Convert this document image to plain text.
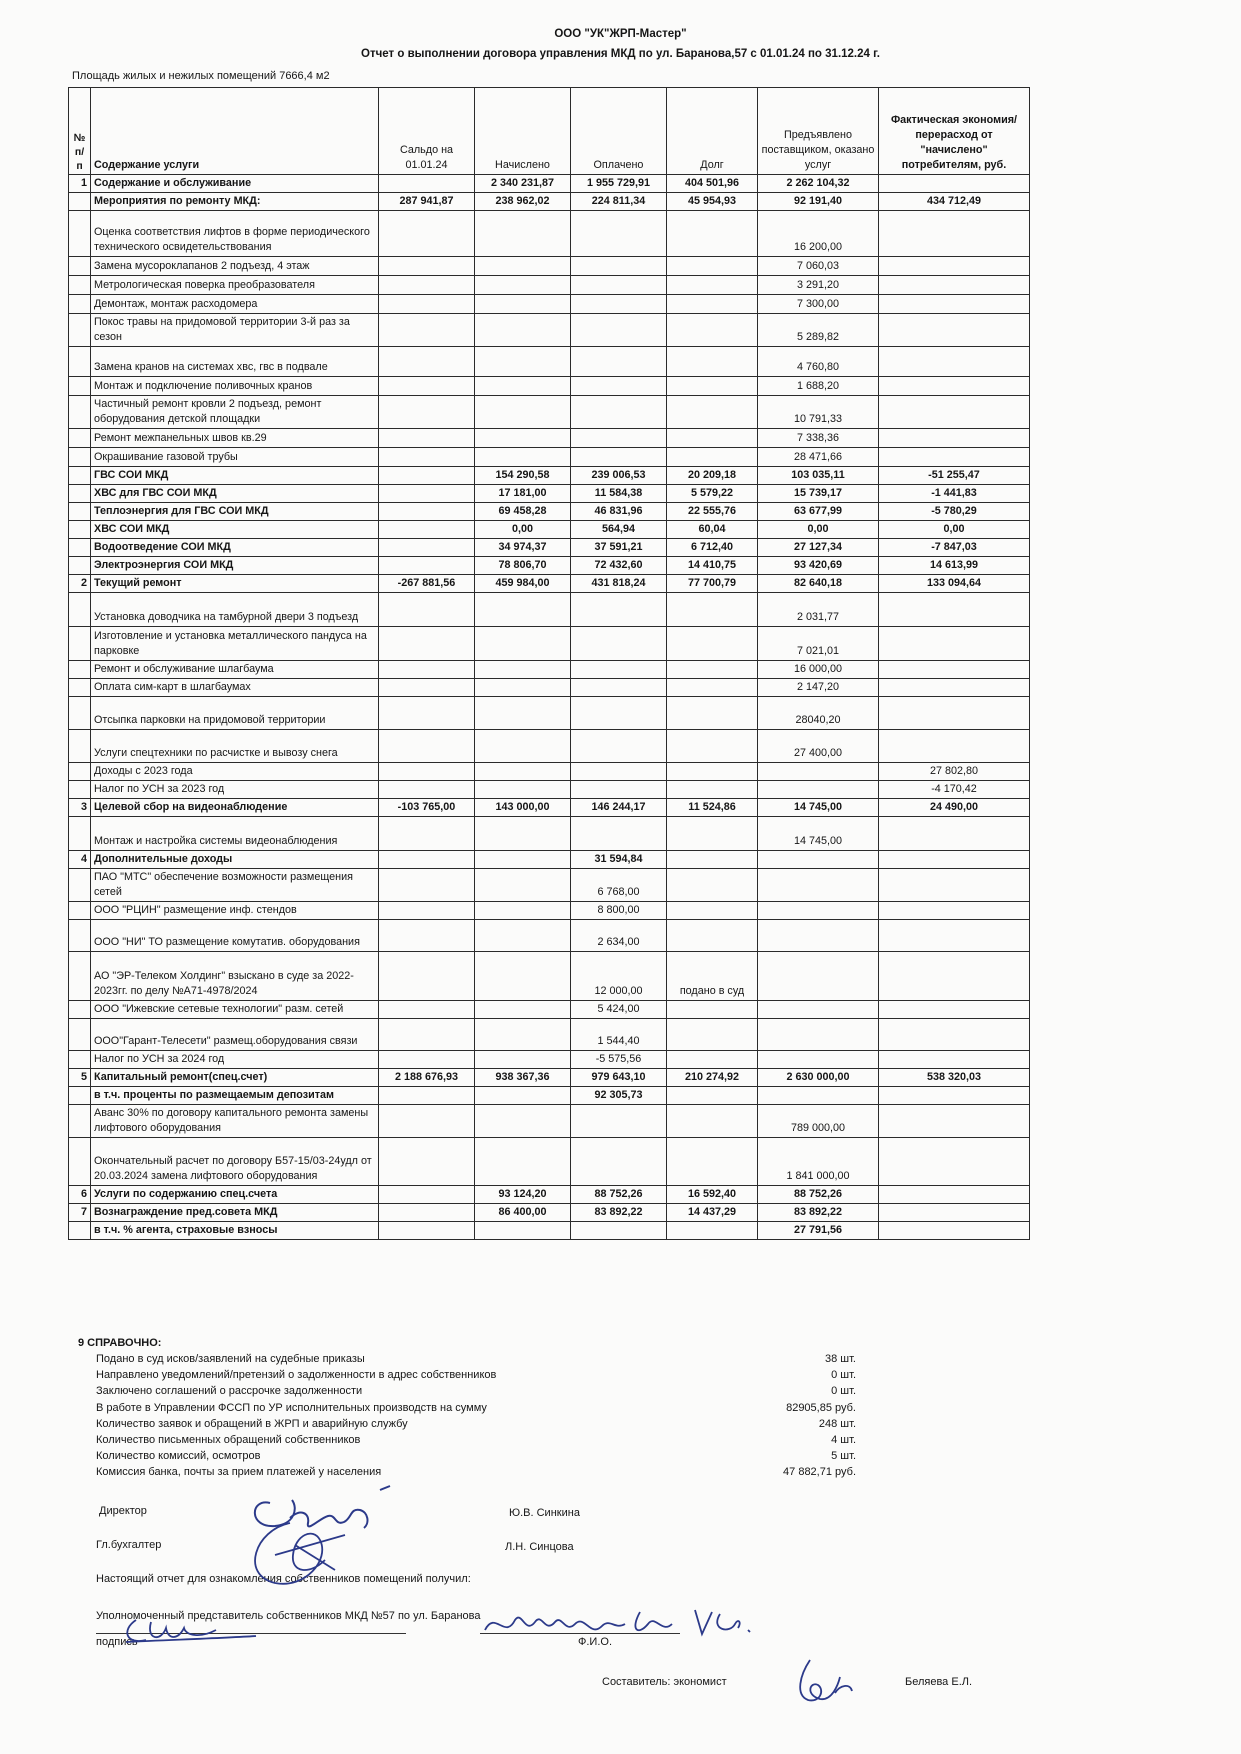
ООО "УК"ЖРП-Мастер"
Отчет о выполнении договора управления МКД по ул. Баранова,57 с 01.01.24 по 31.12.24 г.
Площадь жилых и нежилых помещений 7666,4 м2
№ п/п	Содержание услуги	Сальдо на 01.01.24	Начислено	Оплачено	Долг	Предъявлено поставщиком, оказано услуг	Фактическая экономия/перерасход от "начислено" потребителям, руб.
1	Содержание и обслуживание		2 340 231,87	1 955 729,91	404 501,96	2 262 104,32	
	Мероприятия по ремонту МКД:	287 941,87	238 962,02	224 811,34	45 954,93	92 191,40	434 712,49
	Оценка соответствия лифтов в форме периодического технического освидетельствования					16 200,00	
	Замена мусороклапанов 2 подъезд, 4 этаж					7 060,03	
	Метрологическая поверка преобразователя					3 291,20	
	Демонтаж, монтаж расходомера					7 300,00	
	Покос травы на придомовой территории 3-й раз за сезон					5 289,82	
	Замена кранов на системах хвс, гвс в подвале					4 760,80	
	Монтаж и подключение поливочных кранов					1 688,20	
	Частичный ремонт кровли 2 подъезд, ремонт оборудования детской площадки					10 791,33	
	Ремонт межпанельных швов кв.29					7 338,36	
	Окрашивание газовой трубы					28 471,66	
	ГВС СОИ МКД		154 290,58	239 006,53	20 209,18	103 035,11	-51 255,47
	ХВС для ГВС СОИ МКД		17 181,00	11 584,38	5 579,22	15 739,17	-1 441,83
	Теплоэнергия для ГВС СОИ МКД		69 458,28	46 831,96	22 555,76	63 677,99	-5 780,29
	ХВС СОИ МКД		0,00	564,94	60,04	0,00	0,00
	Водоотведение СОИ МКД		34 974,37	37 591,21	6 712,40	27 127,34	-7 847,03
	Электроэнергия СОИ МКД		78 806,70	72 432,60	14 410,75	93 420,69	14 613,99
2	Текущий ремонт	-267 881,56	459 984,00	431 818,24	77 700,79	82 640,18	133 094,64
	Установка доводчика на тамбурной двери 3 подъезд					2 031,77	
	Изготовление и установка металлического пандуса на парковке					7 021,01	
	Ремонт и обслуживание шлагбаума					16 000,00	
	Оплата сим-карт в шлагбаумах					2 147,20	
	Отсыпка парковки на придомовой территории					28040,20	
	Услуги спецтехники по расчистке и вывозу снега					27 400,00	
	Доходы с 2023 года						27 802,80
	Налог по УСН за 2023 год						-4 170,42
3	Целевой сбор на видеонаблюдение	-103 765,00	143 000,00	146 244,17	11 524,86	14 745,00	24 490,00
	Монтаж и настройка системы видеонаблюдения					14 745,00	
4	Дополнительные доходы			31 594,84			
	ПАО "МТС" обеспечение возможности размещения сетей			6 768,00			
	ООО "РЦИН" размещение инф. стендов			8 800,00			
	ООО "НИ" ТО размещение комутатив. оборудования			2 634,00			
	АО "ЭР-Телеком Холдинг" взыскано в суде за 2022-2023гг. по делу №А71-4978/2024			12 000,00	подано в суд		
	ООО "Ижевские сетевые технологии" разм. сетей			5 424,00			
	ООО"Гарант-Телесети" размещ.оборудования связи			1 544,40			
	Налог по УСН за 2024 год			-5 575,56			
5	Капитальный ремонт(спец.счет)	2 188 676,93	938 367,36	979 643,10	210 274,92	2 630 000,00	538 320,03
	в т.ч. проценты по размещаемым депозитам			92 305,73			
	Аванс 30% по договору капитального ремонта замены лифтового оборудования					789 000,00	
	Окончательный расчет по договору Б57-15/03-24удл от 20.03.2024 замена лифтового оборудования					1 841 000,00	
6	Услуги по содержанию спец.счета		93 124,20	88 752,26	16 592,40	88 752,26	
7	Вознаграждение пред.совета МКД		86 400,00	83 892,22	14 437,29	83 892,22	
	в т.ч. % агента, страховые взносы					27 791,56	
9 СПРАВОЧНО:
Подано в суд исков/заявлений на судебные приказы	38 шт.
Направлено уведомлений/претензий о задолженности в адрес собственников	0 шт.
Заключено соглашений о рассрочке задолженности	0 шт.
В работе в Управлении ФССП по УР исполнительных производств на сумму	82905,85 руб.
Количество заявок и обращений в ЖРП и аварийную службу	248 шт.
Количество письменных обращений собственников	4 шт.
Количество комиссий, осмотров	5 шт.
Комиссия банка, почты за прием платежей у населения	47 882,71 руб.
Директор	Ю.В. Синкина
Гл.бухгалтер	Л.Н. Синцова
Настоящий отчет для ознакомления собственников помещений получил:
Уполномоченный представитель собственников МКД №57 по ул. Баранова
подпись	Ф.И.О.
Составитель: экономист	Беляева Е.Л.
